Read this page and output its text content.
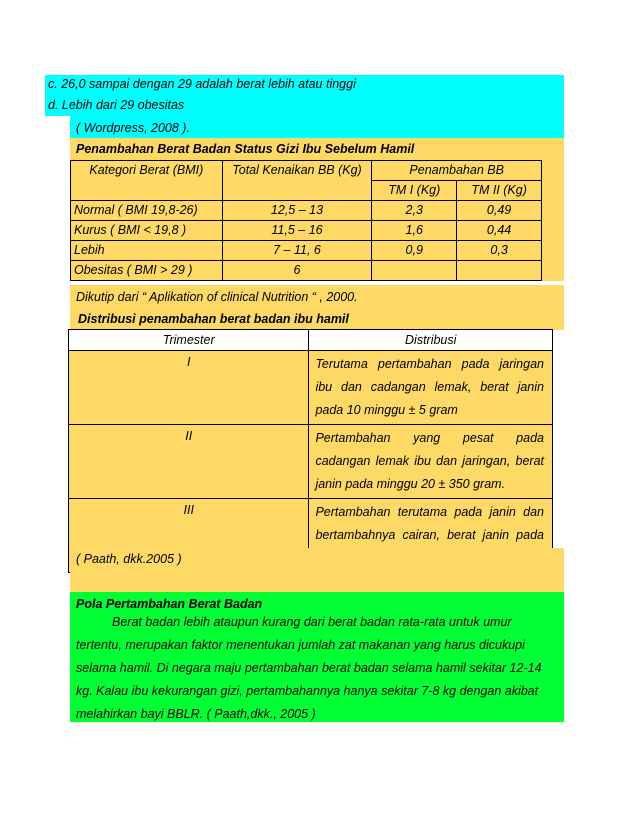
c. 26,0 sampai dengan 29 adalah berat lebih atau tinggi
d. Lebih dari 29 obesitas
( Wordpress, 2008 ).
Penambahan Berat Badan Status Gizi Ibu Sebelum Hamil
Kategori Berat (BMI)	Total Kenaikan BB (Kg)	Penambahan BB		
		TM I (Kg)	TM II (Kg)	
Normal ( BMI 19,8-26)	12,5 – 13	2,3	0,49	
Kurus ( BMI < 19,8 )	11,5 – 16	1,6	0,44	
Lebih	7 – 11, 6	0,9	0,3	
Obesitas ( BMI > 29 )	6			
Dikutip dari “ Aplikation of clinical Nutrition “ , 2000.
Distribusi penambahan berat badan ibu hamil
Trimester	Distribusi
I	Terutama pertambahan pada jaringan ibu dan cadangan lemak, berat janin pada 10 minggu ± 5 gram
II	Pertambahan yang pesat pada cadangan lemak ibu dan jaringan, berat janin pada minggu 20 ± 350 gram.
III	Pertambahan terutama pada janin dan bertambahnya cairan, berat janin pada
( Paath, dkk.2005 )
Pola Pertambahan Berat Badan
Berat badan lebih ataupun kurang dari berat badan rata-rata untuk umur tertentu, merupakan faktor menentukan jumlah zat makanan yang harus dicukupi selama hamil. Di negara maju pertambahan berat badan selama hamil sekitar 12-14 kg. Kalau ibu kekurangan gizi, pertambahannya hanya sekitar 7-8 kg dengan akibat melahirkan bayi BBLR. ( Paath,dkk., 2005 )
